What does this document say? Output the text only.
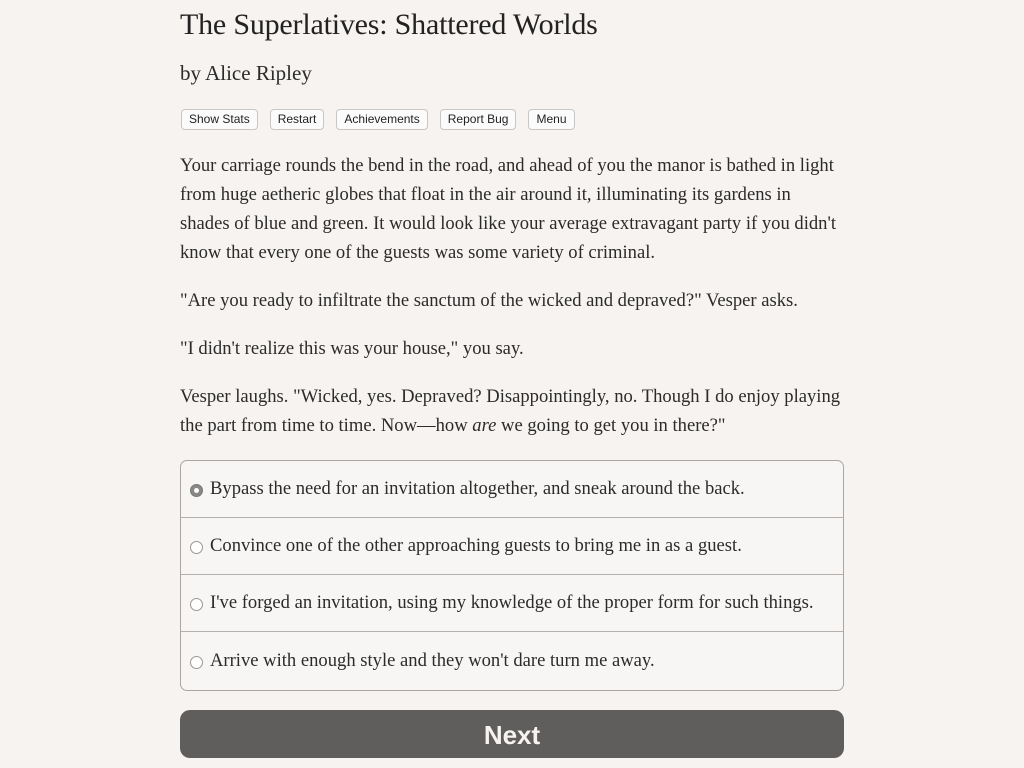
The Superlatives: Shattered Worlds
by Alice Ripley
Show Stats	Restart	Achievements	Report Bug	Menu

Your carriage rounds the bend in the road, and ahead of you the manor is bathed in light from huge aetheric globes that float in the air around it, illuminating its gardens in shades of blue and green. It would look like your average extravagant party if you didn't know that every one of the guests was some variety of criminal.

"Are you ready to infiltrate the sanctum of the wicked and depraved?" Vesper asks.

"I didn't realize this was your house," you say.

Vesper laughs. "Wicked, yes. Depraved? Disappointingly, no. Though I do enjoy playing the part from time to time. Now—how are we going to get you in there?"

Bypass the need for an invitation altogether, and sneak around the back.
Convince one of the other approaching guests to bring me in as a guest.
I've forged an invitation, using my knowledge of the proper form for such things.
Arrive with enough style and they won't dare turn me away.
Next
